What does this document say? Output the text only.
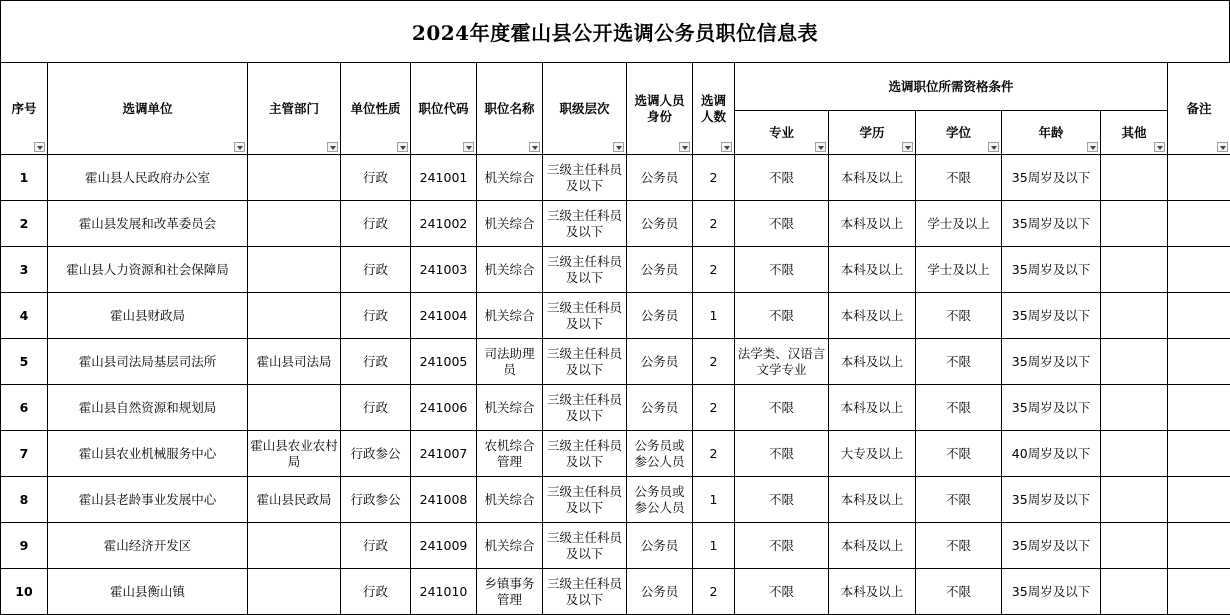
2024年度霍山县公开选调公务员职位信息表
序号	选调单位	主管部门	单位性质	职位代码	职位名称	职级层次	选调人员身份	选调人数	选调职位所需资格条件					备注

									专业	学历	学位	年龄	其他	

1	霍山县人民政府办公室		行政	241001	机关综合	三级主任科员及以下	公务员	2	不限	本科及以上	不限	35周岁及以下		
2	霍山县发展和改革委员会		行政	241002	机关综合	三级主任科员及以下	公务员	2	不限	本科及以上	学士及以上	35周岁及以下		
3	霍山县人力资源和社会保障局		行政	241003	机关综合	三级主任科员及以下	公务员	2	不限	本科及以上	学士及以上	35周岁及以下		
4	霍山县财政局		行政	241004	机关综合	三级主任科员及以下	公务员	1	不限	本科及以上	不限	35周岁及以下		
5	霍山县司法局基层司法所	霍山县司法局	行政	241005	司法助理员	三级主任科员及以下	公务员	2	法学类、汉语言文学专业	本科及以上	不限	35周岁及以下		
6	霍山县自然资源和规划局		行政	241006	机关综合	三级主任科员及以下	公务员	2	不限	本科及以上	不限	35周岁及以下		
7	霍山县农业机械服务中心	霍山县农业农村局	行政参公	241007	农机综合管理	三级主任科员及以下	公务员或参公人员	2	不限	大专及以上	不限	40周岁及以下		
8	霍山县老龄事业发展中心	霍山县民政局	行政参公	241008	机关综合	三级主任科员及以下	公务员或参公人员	1	不限	本科及以上	不限	35周岁及以下		
9	霍山经济开发区		行政	241009	机关综合	三级主任科员及以下	公务员	1	不限	本科及以上	不限	35周岁及以下		
10	霍山县衡山镇		行政	241010	乡镇事务管理	三级主任科员及以下	公务员	2	不限	本科及以上	不限	35周岁及以下		
